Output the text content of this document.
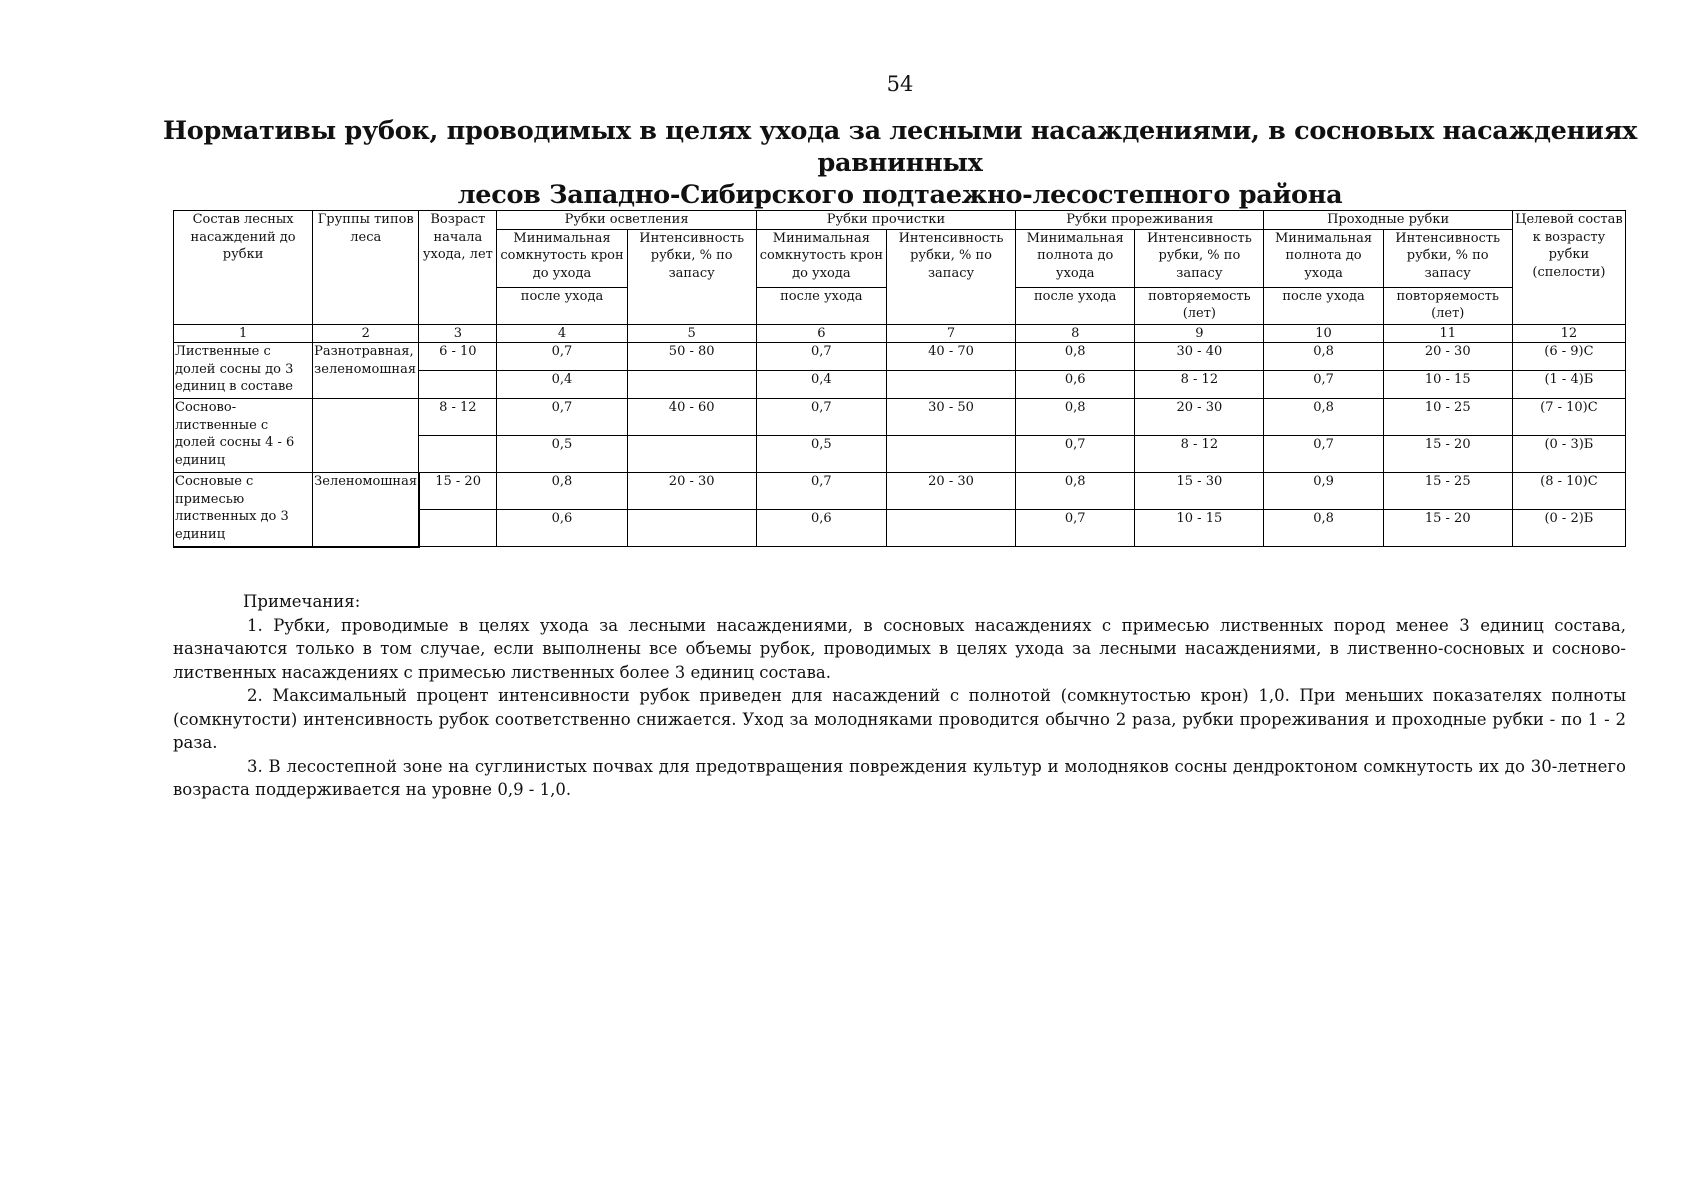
54
Нормативы рубок, проводимых в целях ухода за лесными насаждениями, в сосновых насаждениях равнинных
лесов Западно-Сибирского подтаежно-лесостепного района
Состав лесных насаждений до рубки	Группы типов леса	Возраст начала ухода, лет	Рубки осветления		Рубки прочистки		Рубки прореживания		Проходные рубки		Целевой состав к возрасту рубки (спелости)
			Минимальная сомкнутость крон до ухода	Интенсивность рубки, % по запасу	Минимальная сомкнутость крон до ухода	Интенсивность рубки, % по запасу	Минимальная полнота до ухода	Интенсивность рубки, % по запасу	Минимальная полнота до ухода	Интенсивность рубки, % по запасу	
			после ухода		после ухода		после ухода	повторяемость (лет)	после ухода	повторяемость (лет)	
1	2	3	4	5	6	7	8	9	10	11	12
Лиственные с долей сосны до 3 единиц в составе	Разнотравная, зеленомошная	6 - 10	0,7	50 - 80	0,7	40 - 70	0,8	30 - 40	0,8	20 - 30	(6 - 9)С
			0,4		0,4		0,6	8 - 12	0,7	10 - 15	(1 - 4)Б
Сосново-лиственные с долей сосны 4 - 6 единиц		8 - 12	0,7	40 - 60	0,7	30 - 50	0,8	20 - 30	0,8	10 - 25	(7 - 10)С
			0,5		0,5		0,7	8 - 12	0,7	15 - 20	(0 - 3)Б
Сосновые с примесью лиственных до 3 единиц	Зеленомошная	15 - 20	0,8	20 - 30	0,7	20 - 30	0,8	15 - 30	0,9	15 - 25	(8 - 10)С
			0,6		0,6		0,7	10 - 15	0,8	15 - 20	(0 - 2)Б

Примечания:

1. Рубки, проводимые в целях ухода за лесными насаждениями, в сосновых насаждениях с примесью лиственных пород менее 3 единиц состава, назначаются только в том случае, если выполнены все объемы рубок, проводимых в целях ухода за лесными насаждениями, в лиственно-сосновых и сосново-лиственных насаждениях с примесью лиственных более 3 единиц состава.

2. Максимальный процент интенсивности рубок приведен для насаждений с полнотой (сомкнутостью крон) 1,0. При меньших показателях полноты (сомкнутости) интенсивность рубок соответственно снижается. Уход за молодняками проводится обычно 2 раза, рубки прореживания и проходные рубки - по 1 - 2 раза.

3. В лесостепной зоне на суглинистых почвах для предотвращения повреждения культур и молодняков сосны дендроктоном сомкнутость их до 30-летнего возраста поддерживается на уровне 0,9 - 1,0.
